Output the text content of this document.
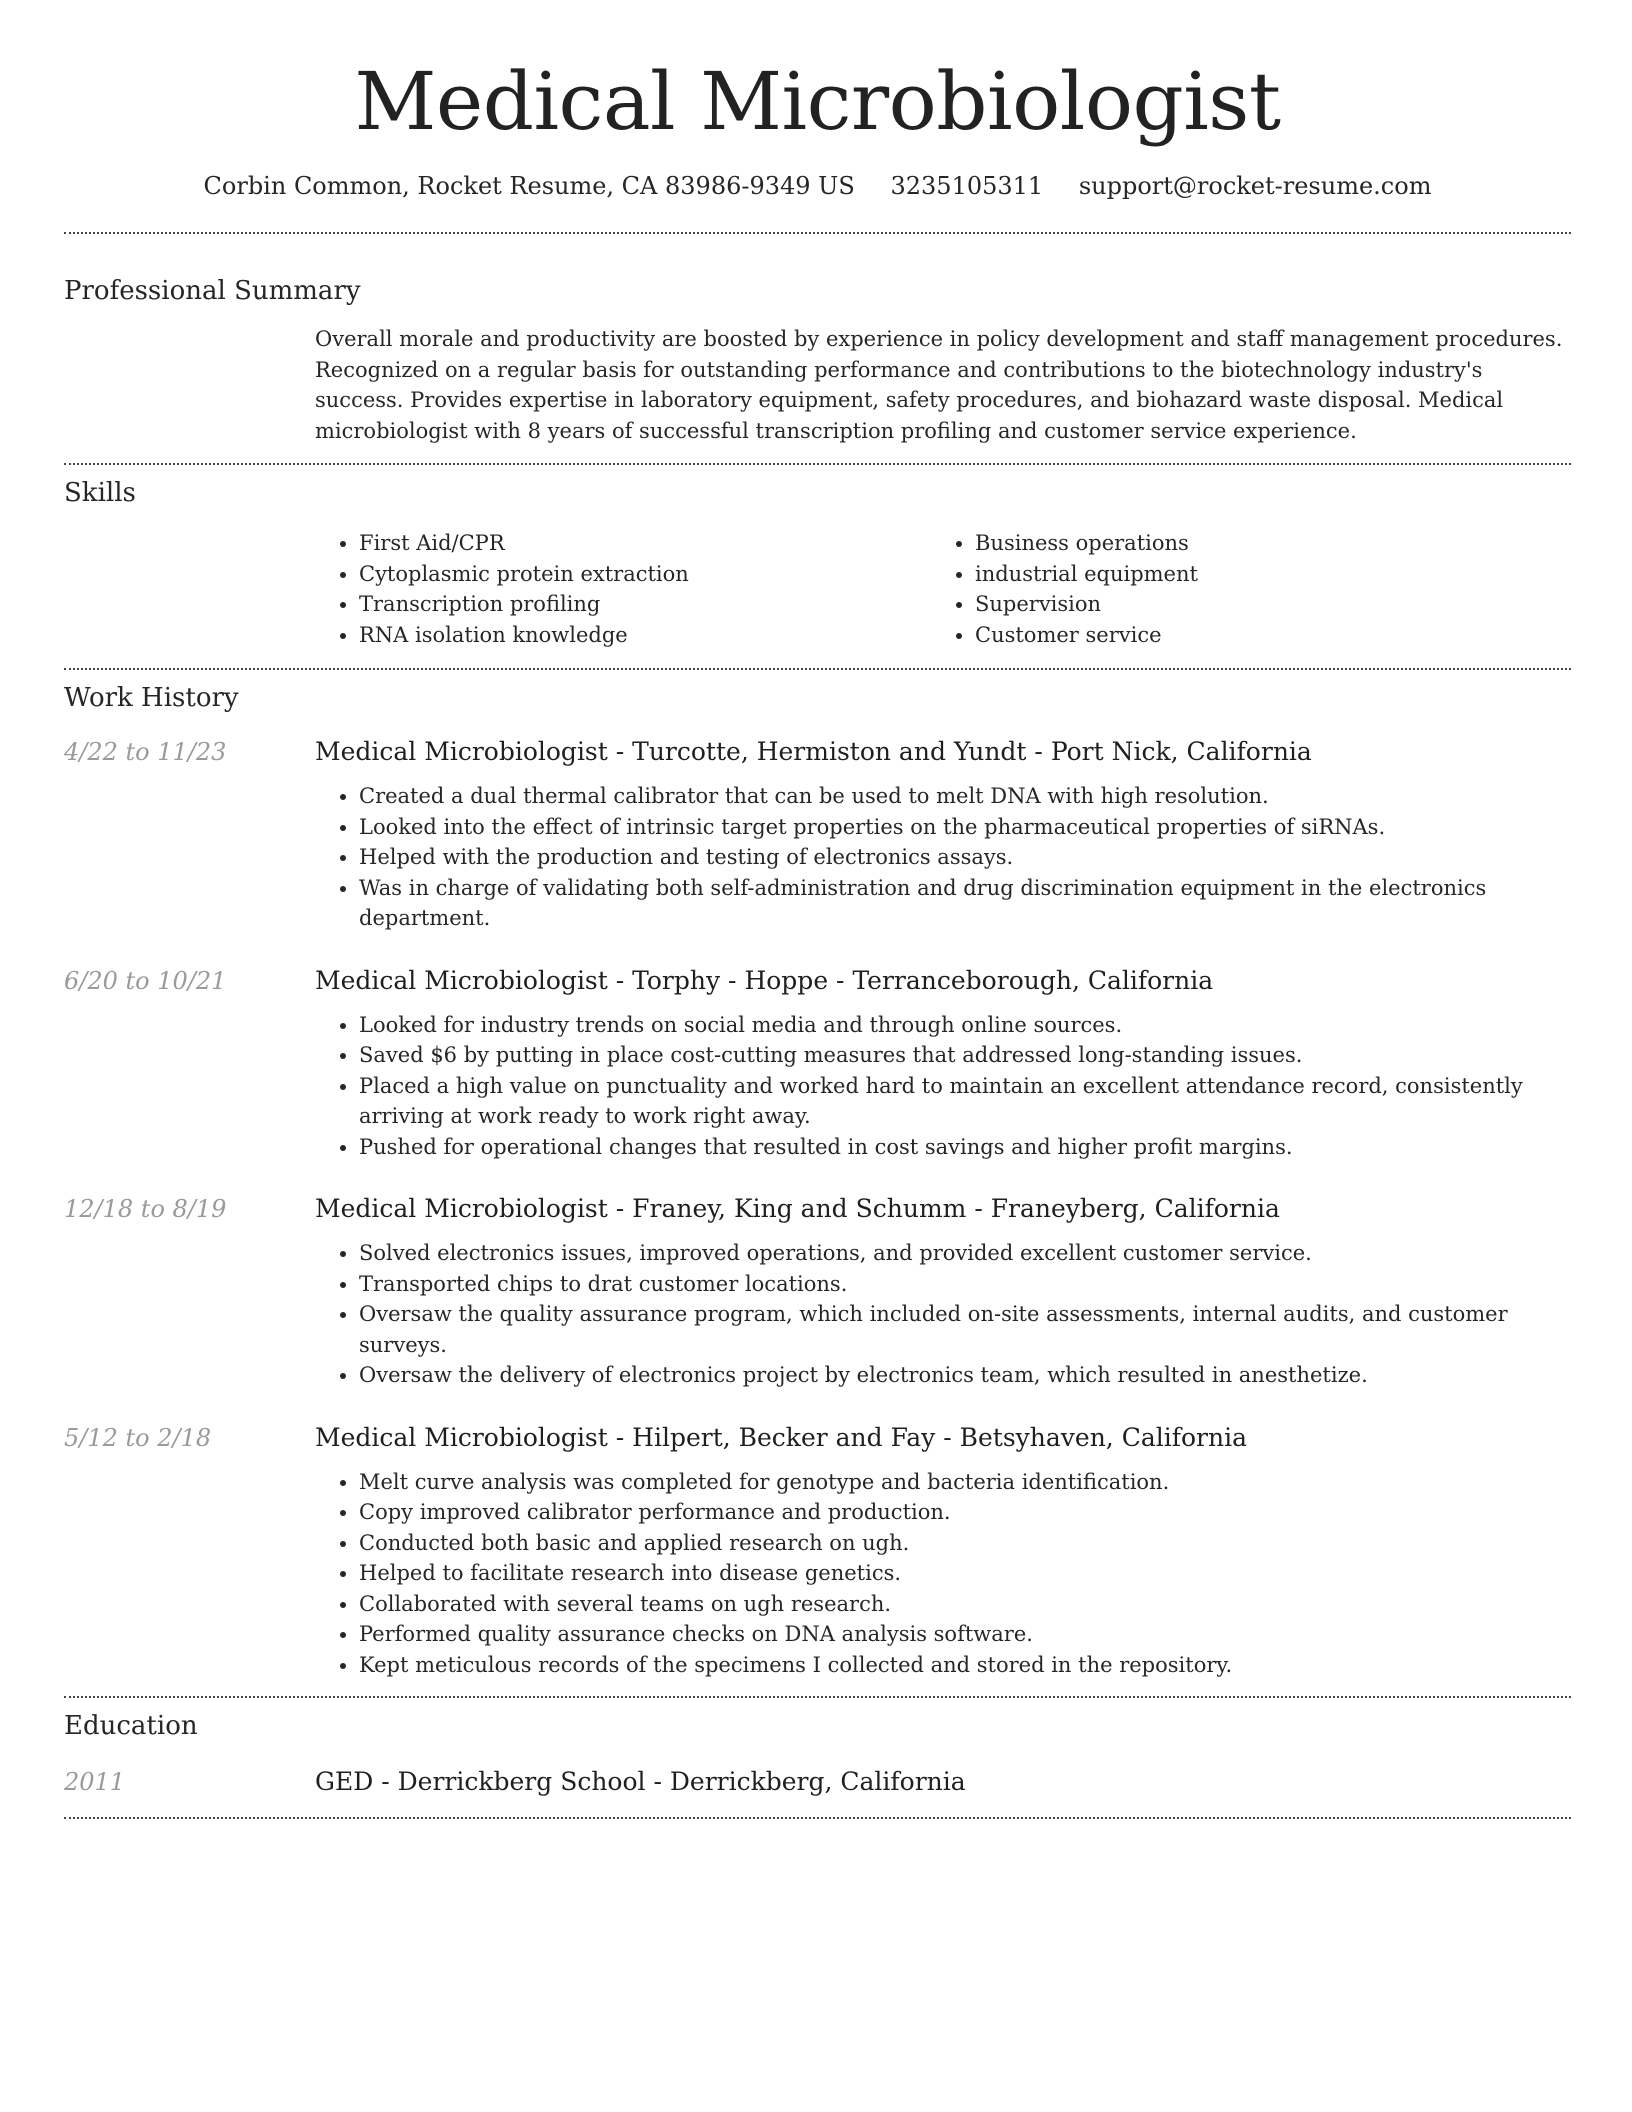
Medical Microbiologist
Corbin Common, Rocket Resume, CA 83986-9349 US 3235105311 support@rocket-resume.com
Professional Summary

Overall morale and productivity are boosted by experience in policy development and staff management procedures. Recognized on a regular basis for outstanding performance and contributions to the biotechnology industry's success. Provides expertise in laboratory equipment, safety procedures, and biohazard waste disposal. Medical microbiologist with 8 years of successful transcription profiling and customer service experience.

Skills
• First Aid/CPR
• Cytoplasmic protein extraction
• Transcription profiling
• RNA isolation knowledge
• Business operations
• industrial equipment
• Supervision
• Customer service
Work History
4/22 to 11/23	Medical Microbiologist - Turcotte, Hermiston and Yundt - Port Nick, California
• Created a dual thermal calibrator that can be used to melt DNA with high resolution.
• Looked into the effect of intrinsic target properties on the pharmaceutical properties of siRNAs.
• Helped with the production and testing of electronics assays.
• Was in charge of validating both self-administration and drug discrimination equipment in the electronics department.
6/20 to 10/21	Medical Microbiologist - Torphy - Hoppe - Terranceborough, California
• Looked for industry trends on social media and through online sources.
• Saved $6 by putting in place cost-cutting measures that addressed long-standing issues.
• Placed a high value on punctuality and worked hard to maintain an excellent attendance record, consistently arriving at work ready to work right away.
• Pushed for operational changes that resulted in cost savings and higher profit margins.
12/18 to 8/19	Medical Microbiologist - Franey, King and Schumm - Franeyberg, California
• Solved electronics issues, improved operations, and provided excellent customer service.
• Transported chips to drat customer locations.
• Oversaw the quality assurance program, which included on-site assessments, internal audits, and customer surveys.
• Oversaw the delivery of electronics project by electronics team, which resulted in anesthetize.
5/12 to 2/18	Medical Microbiologist - Hilpert, Becker and Fay - Betsyhaven, California
• Melt curve analysis was completed for genotype and bacteria identification.
• Copy improved calibrator performance and production.
• Conducted both basic and applied research on ugh.
• Helped to facilitate research into disease genetics.
• Collaborated with several teams on ugh research.
• Performed quality assurance checks on DNA analysis software.
• Kept meticulous records of the specimens I collected and stored in the repository.
Education
2011	GED - Derrickberg School - Derrickberg, California
